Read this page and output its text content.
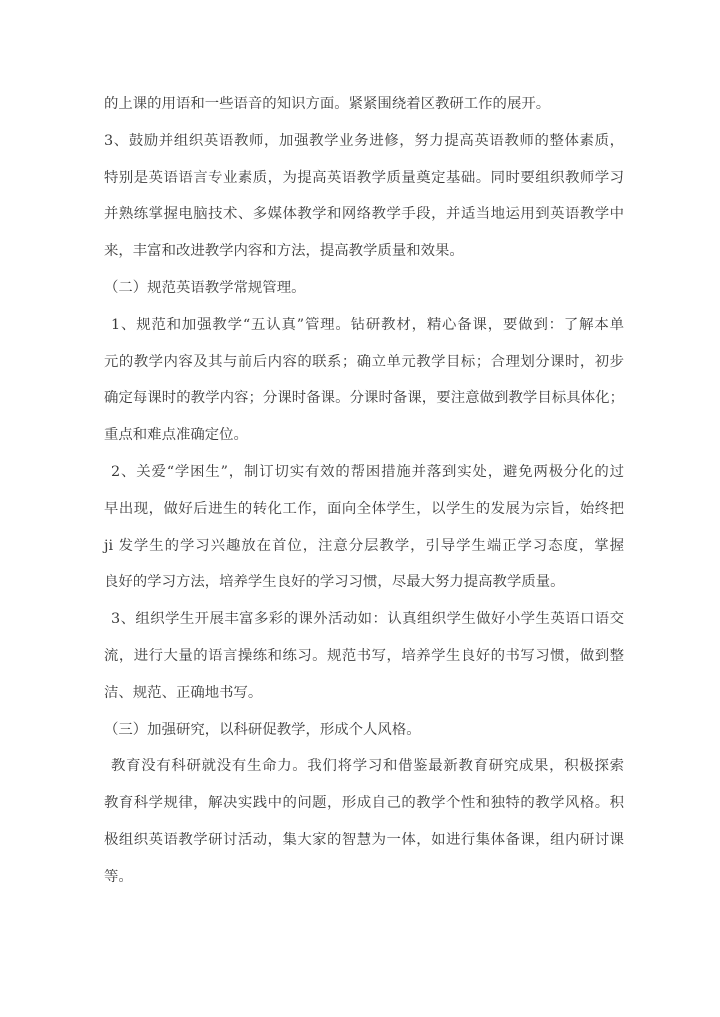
的上课的用语和一些语音的知识方面。紧紧围绕着区教研工作的展开。
3、鼓励并组织英语教师，加强教学业务进修，努力提高英语教师的整体素质，
特别是英语语言专业素质，为提高英语教学质量奠定基础。同时要组织教师学习
并熟练掌握电脑技术、多媒体教学和网络教学手段，并适当地运用到英语教学中
来，丰富和改进教学内容和方法，提高教学质量和效果。
（二）规范英语教学常规管理。
1、规范和加强教学“五认真”管理。钻研教材，精心备课，要做到：了解本单
元的教学内容及其与前后内容的联系；确立单元教学目标；合理划分课时，初步
确定每课时的教学内容；分课时备课。分课时备课，要注意做到教学目标具体化；
重点和难点准确定位。
2、关爱“学困生”，制订切实有效的帮困措施并落到实处，避免两极分化的过
早出现，做好后进生的转化工作，面向全体学生，以学生的发展为宗旨，始终把
ji 发学生的学习兴趣放在首位，注意分层教学，引导学生端正学习态度，掌握
良好的学习方法，培养学生良好的学习习惯，尽最大努力提高教学质量。
3、组织学生开展丰富多彩的课外活动如：认真组织学生做好小学生英语口语交
流，进行大量的语言操练和练习。规范书写，培养学生良好的书写习惯，做到整
洁、规范、正确地书写。
（三）加强研究，以科研促教学，形成个人风格。
教育没有科研就没有生命力。我们将学习和借鉴最新教育研究成果，积极探索
教育科学规律，解决实践中的问题，形成自己的教学个性和独特的教学风格。积
极组织英语教学研讨活动，集大家的智慧为一体，如进行集体备课，组内研讨课
等。
